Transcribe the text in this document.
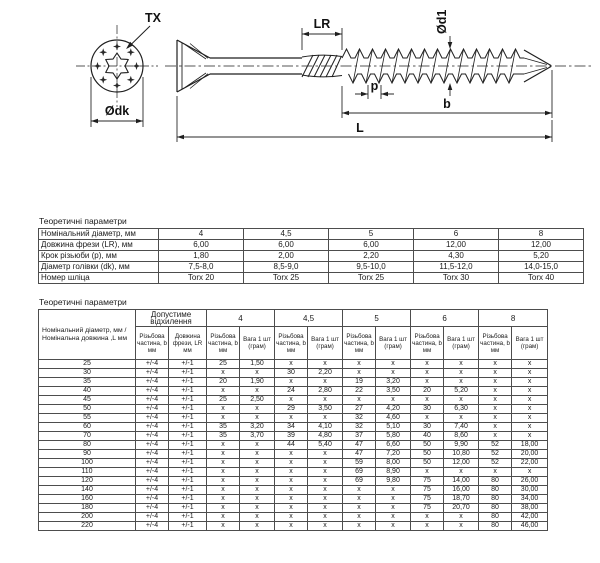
TX
Ødk
LR	Ød1
p
b
L
Теоретичні параметри
Номінальний діаметр, мм	4	4,5	5	6	8
Довжина фрези (LR), мм	6,00	6,00	6,00	12,00	12,00
Крок різьюби (p), мм	1,80	2,00	2,20	4,30	5,20
Діаметр голівки (dk), мм	7,5-8,0	8,5-9,0	9,5-10,0	11,5-12,0	14,0-15,0
Номер шліца	Torx 20	Torx 25	Torx 25	Torx 30	Torx 40
Теоретичні параметри
Номінальний діаметр, мм / Номінальна довжина ,L мм	Допустиме відхилення		4		4,5		5		6		8	
	Різьбова частина, b мм	Довжина фрези, LR мм	Різьбова частина, b мм	Вага 1 шт (грам)	Різьбова частина, b мм	Вага 1 шт (грам)	Різьбова частина, b мм	Вага 1 шт (грам)	Різьбова частина, b мм	Вага 1 шт (грам)	Різьбова частина, b мм	Вага 1 шт (грам)
25	+/-4	+/-1	25	1,50	x	x	x	x	x	x	x	x
30	+/-4	+/-1	x	x	30	2,20	x	x	x	x	x	x
35	+/-4	+/-1	20	1,90	x	x	19	3,20	x	x	x	x
40	+/-4	+/-1	x	x	24	2,80	22	3,50	20	5,20	x	x
45	+/-4	+/-1	25	2,50	x	x	x	x	x	x	x	x
50	+/-4	+/-1	x	x	29	3,50	27	4,20	30	6,30	x	x
55	+/-4	+/-1	x	x	x	x	32	4,60	x	x	x	x
60	+/-4	+/-1	35	3,20	34	4,10	32	5,10	30	7,40	x	x
70	+/-4	+/-1	35	3,70	39	4,80	37	5,80	40	8,60	x	x
80	+/-4	+/-1	x	x	44	5,40	47	6,60	50	9,90	52	18,00
90	+/-4	+/-1	x	x	x	x	47	7,20	50	10,80	52	20,00
100	+/-4	+/-1	x	x	x	x	59	8,00	50	12,00	52	22,00
110	+/-4	+/-1	x	x	x	x	69	8,90	x	x	x	x
120	+/-4	+/-1	x	x	x	x	69	9,80	75	14,00	80	26,00
140	+/-4	+/-1	x	x	x	x	x	x	75	16,00	80	30,00
160	+/-4	+/-1	x	x	x	x	x	x	75	18,70	80	34,00
180	+/-4	+/-1	x	x	x	x	x	x	75	20,70	80	38,00
200	+/-4	+/-1	x	x	x	x	x	x	x	x	80	42,00
220	+/-4	+/-1	x	x	x	x	x	x	x	x	80	46,00
